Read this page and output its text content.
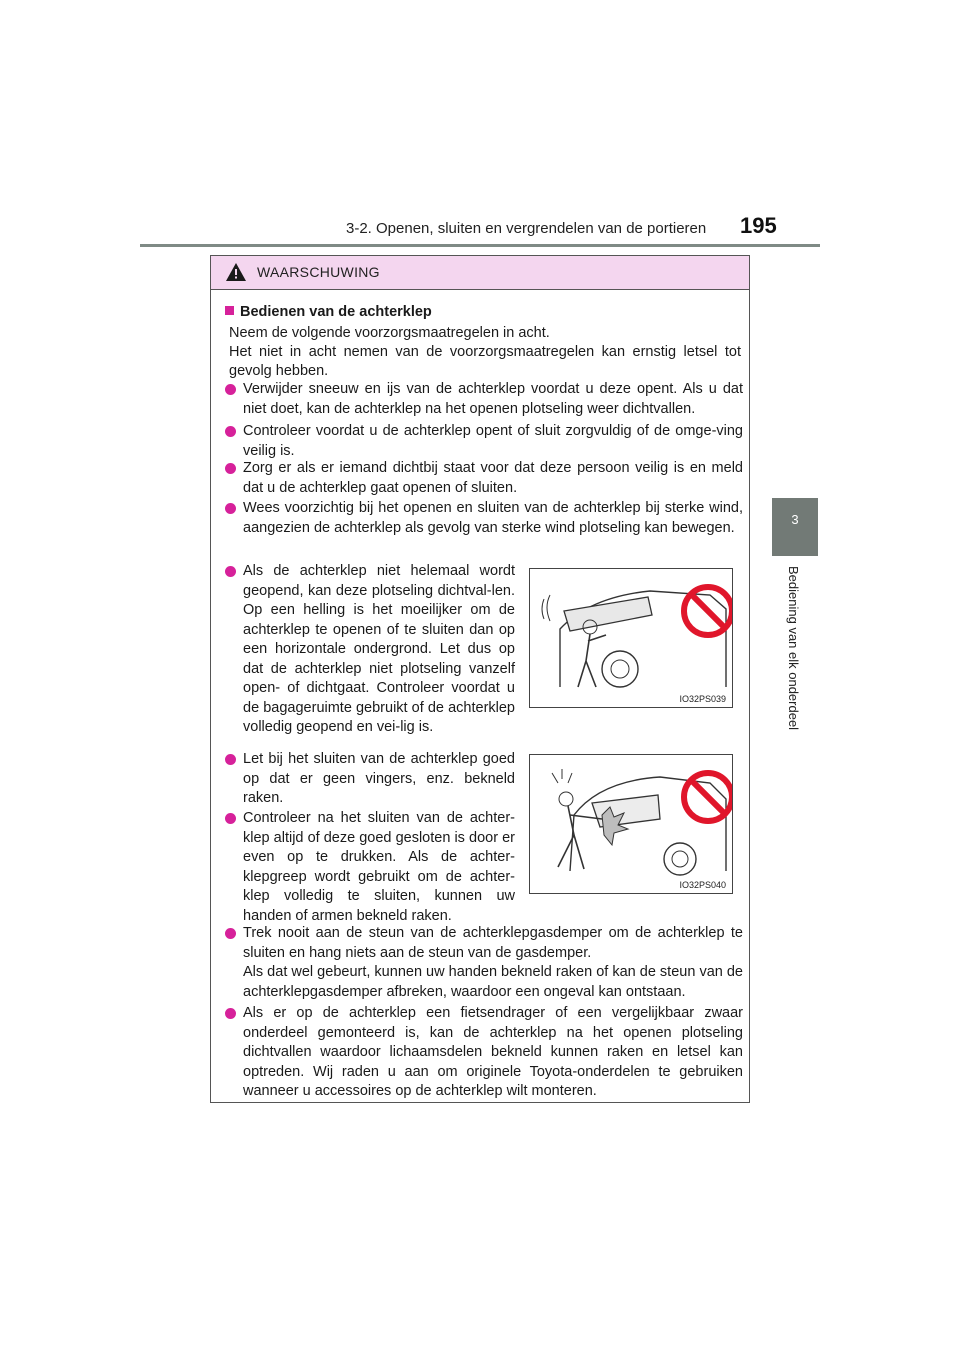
3-2. Openen, sluiten en vergrendelen van de portieren 195
3
Bediening van elk onderdeel
WAARSCHUWING
Bedienen van de achterklep
Neem de volgende voorzorgsmaatregelen in acht.
Het niet in acht nemen van de voorzorgsmaatregelen kan ernstig letsel tot gevolg hebben.
Verwijder sneeuw en ijs van de achterklep voordat u deze opent. Als u dat niet doet, kan de achterklep na het openen plotseling weer dichtvallen.
Controleer voordat u de achterklep opent of sluit zorgvuldig of de omge-ving veilig is.
Zorg er als er iemand dichtbij staat voor dat deze persoon veilig is en meld dat u de achterklep gaat openen of sluiten.
Wees voorzichtig bij het openen en sluiten van de achterklep bij sterke wind, aangezien de achterklep als gevolg van sterke wind plotseling kan bewegen.
Als de achterklep niet helemaal wordt geopend, kan deze plotseling dichtval-len. Op een helling is het moeilijker om de achterklep te openen of te sluiten dan op een horizontale ondergrond. Let dus op dat de achterklep niet plotseling vanzelf open- of dichtgaat. Controleer voordat u de bagageruimte gebruikt of de achterklep volledig geopend en vei-lig is.
IO32PS039
Let bij het sluiten van de achterklep goed op dat er geen vingers, enz. bekneld raken.
Controleer na het sluiten van de achter-klep altijd of deze goed gesloten is door er even op te drukken. Als de achter-klepgreep wordt gebruikt om de achter-klep volledig te sluiten, kunnen uw handen of armen bekneld raken.
IO32PS040
Trek nooit aan de steun van de achterklepgasdemper om de achterklep te sluiten en hang niets aan de steun van de gasdemper.
Als dat wel gebeurt, kunnen uw handen bekneld raken of kan de steun van de achterklepgasdemper afbreken, waardoor een ongeval kan ontstaan.
Als er op de achterklep een fietsendrager of een vergelijkbaar zwaar onderdeel gemonteerd is, kan de achterklep na het openen plotseling dichtvallen waardoor lichaamsdelen bekneld kunnen raken en letsel kan optreden. Wij raden u aan om originele Toyota-onderdelen te gebruiken wanneer u accessoires op de achterklep wilt monteren.
